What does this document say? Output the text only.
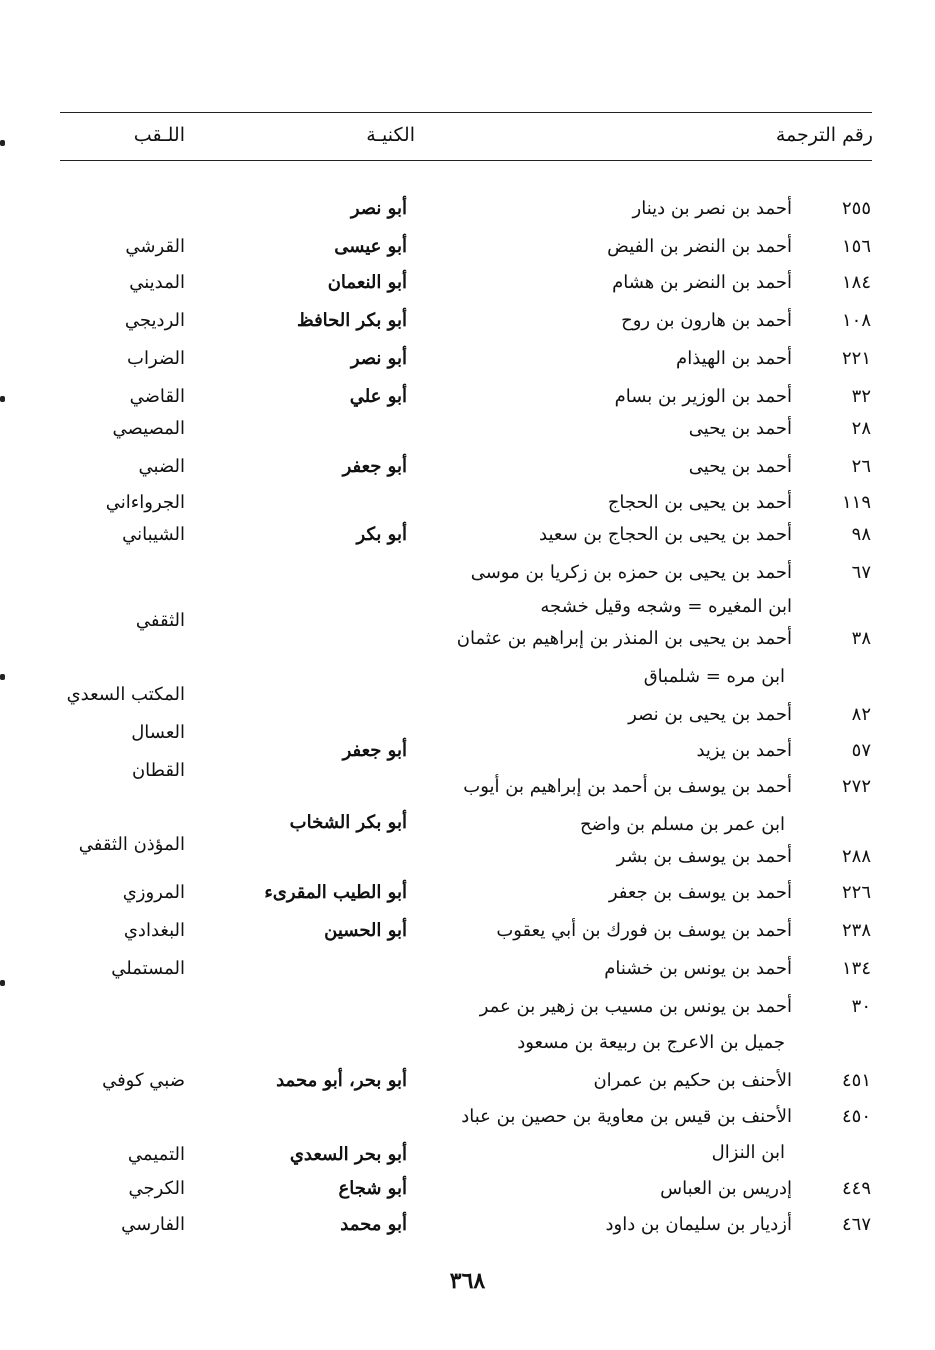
رقم الترجمة
الكنيـة
اللـقب
٢٥٥
أحمد بن نصر بن دينار
أبو نصر
١٥٦
أحمد بن النضر بن الفيض
أبو عيسى
القرشي
١٨٤
أحمد بن النضر بن هشام
أبو النعمان
المديني
١٠٨
أحمد بن هارون بن روح
أبو بكر الحافظ
الرديجي
٢٢١
أحمد بن الهيذام
أبو نصر
الضراب
٣٢
أحمد بن الوزير بن بسام
أبو علي
القاضي
٢٨
أحمد بن يحيى
المصيصي
٢٦
أحمد بن يحيى
أبو جعفر
الضبي
١١٩
أحمد بن يحيى بن الحجاج
الجرواءاني
٩٨
أحمد بن يحيى بن الحجاج بن سعيد
أبو بكر
الشيباني
٦٧
أحمد بن يحيى بن حمزه بن زكريا بن موسى
٣٨
أحمد بن يحيى بن المنذر بن إبراهيم بن عثمان
٨٢
أحمد بن يحيى بن نصر
٥٧
أحمد بن يزيد
أبو جعفر
٢٧٢
أحمد بن يوسف بن أحمد بن إبراهيم بن أيوب
٢٨٨
أحمد بن يوسف بن بشر
٢٢٦
أحمد بن يوسف بن جعفر
أبو الطيب المقرىء
المروزي
٢٣٨
أحمد بن يوسف بن فورك بن أبي يعقوب
أبو الحسين
البغدادي
١٣٤
أحمد بن يونس بن خشنام
المستملي
٣٠
أحمد بن يونس بن مسيب بن زهير بن عمر
٤٥١
الأحنف بن حكيم بن عمران
أبو بحر، أبو محمد
ضبي كوفي
٤٥٠
الأحنف بن قيس بن معاوية بن حصين بن عباد
٤٤٩
إدريس بن العباس
أبو شجاع
الكرجي
٤٦٧
أزديار بن سليمان بن داود
أبو محمد
الفارسي
ابن المغيره = وشجه وقيل خشجه
الثقفي
ابن مره = شلمباق
المكتب السعدي
العسال
القطان
أبو بكر الشخاب	ابن عمر بن مسلم بن واضح
المؤذن الثقفي
جميل بن الاعرج بن ربيعة بن مسعود
ابن النزال
أبو بحر السعدي
التميمي
٣٦٨
